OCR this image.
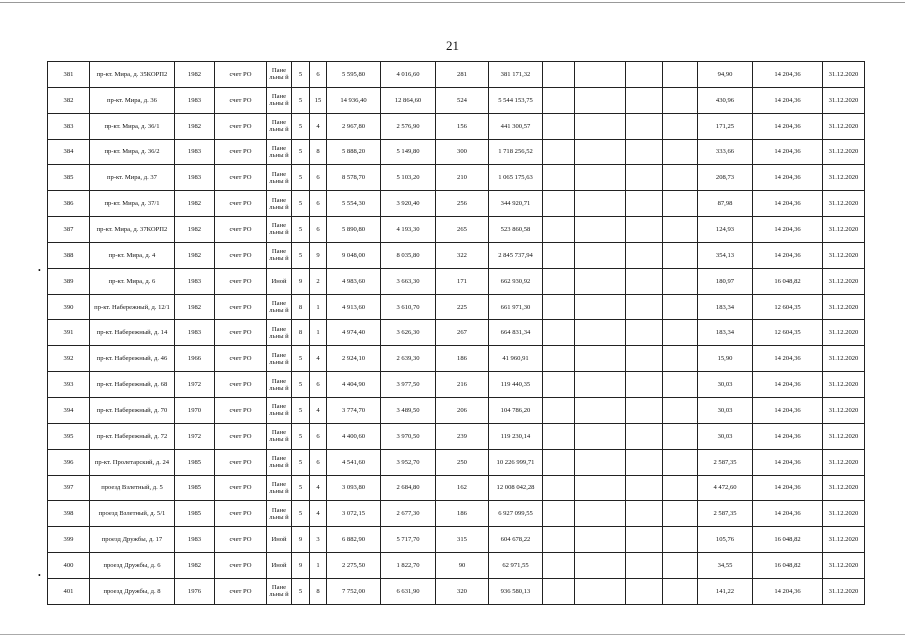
21
381	пр-кт. Мира, д. 35КОРП2	1982	счет РО	Пане льны й	5	6	5 595,80	4 016,60	281	381 171,32					94,90	14 204,36	31.12.2020
382	пр-кт. Мира, д. 36	1983	счет РО	Пане льны й	5	15	14 936,40	12 864,60	524	5 544 153,75					430,96	14 204,36	31.12.2020
383	пр-кт. Мира, д. 36/1	1982	счет РО	Пане льны й	5	4	2 967,80	2 576,90	156	441 300,57					171,25	14 204,36	31.12.2020
384	пр-кт. Мира, д. 36/2	1983	счет РО	Пане льны й	5	8	5 888,20	5 149,80	300	1 718 256,52					333,66	14 204,36	31.12.2020
385	пр-кт. Мира, д. 37	1983	счет РО	Пане льны й	5	6	8 578,70	5 103,20	210	1 065 175,63					208,73	14 204,36	31.12.2020
386	пр-кт. Мира, д. 37/1	1982	счет РО	Пане льны й	5	6	5 554,30	3 920,40	256	344 920,71					87,98	14 204,36	31.12.2020
387	пр-кт. Мира, д. 37КОРП2	1982	счет РО	Пане льны й	5	6	5 890,80	4 193,30	265	523 860,58					124,93	14 204,36	31.12.2020
388	пр-кт. Мира, д. 4	1982	счет РО	Пане льны й	5	9	9 048,00	8 035,80	322	2 845 737,94					354,13	14 204,36	31.12.2020
389	пр-кт. Мира, д. 6	1983	счет РО	Иной	9	2	4 983,60	3 663,30	171	662 930,92					180,97	16 048,82	31.12.2020
390	пр-кт. Набережный, д. 12/1	1982	счет РО	Пане льны й	8	1	4 913,60	3 610,70	225	661 971,30					183,34	12 604,35	31.12.2020
391	пр-кт. Набережный, д. 14	1983	счет РО	Пане льны й	8	1	4 974,40	3 626,30	267	664 831,34					183,34	12 604,35	31.12.2020
392	пр-кт. Набережный, д. 46	1966	счет РО	Пане льны й	5	4	2 924,10	2 639,30	186	41 960,91					15,90	14 204,36	31.12.2020
393	пр-кт. Набережный, д. 68	1972	счет РО	Пане льны й	5	6	4 404,90	3 977,50	216	119 440,35					30,03	14 204,36	31.12.2020
394	пр-кт. Набережный, д. 70	1970	счет РО	Пане льны й	5	4	3 774,70	3 489,50	206	104 786,20					30,03	14 204,36	31.12.2020
395	пр-кт. Набережный, д. 72	1972	счет РО	Пане льны й	5	6	4 400,60	3 970,50	239	119 230,14					30,03	14 204,36	31.12.2020
396	пр-кт. Пролетарский, д. 24	1985	счет РО	Пане льны й	5	6	4 541,60	3 952,70	250	10 226 999,71					2 587,35	14 204,36	31.12.2020
397	проезд Взлетный, д. 5	1985	счет РО	Пане льны й	5	4	3 093,80	2 684,80	162	12 008 042,28					4 472,60	14 204,36	31.12.2020
398	проезд Взлетный, д. 5/1	1985	счет РО	Пане льны й	5	4	3 072,15	2 677,30	186	6 927 099,55					2 587,35	14 204,36	31.12.2020
399	проезд Дружбы, д. 17	1983	счет РО	Иной	9	3	6 882,90	5 717,70	315	604 678,22					105,76	16 048,82	31.12.2020
400	проезд Дружбы, д. 6	1982	счет РО	Иной	9	1	2 275,50	1 822,70	90	62 971,55					34,55	16 048,82	31.12.2020
401	проезд Дружбы, д. 8	1976	счет РО	Пане льны й	5	8	7 752,00	6 631,90	320	936 580,13					141,22	14 204,36	31.12.2020
•
•
